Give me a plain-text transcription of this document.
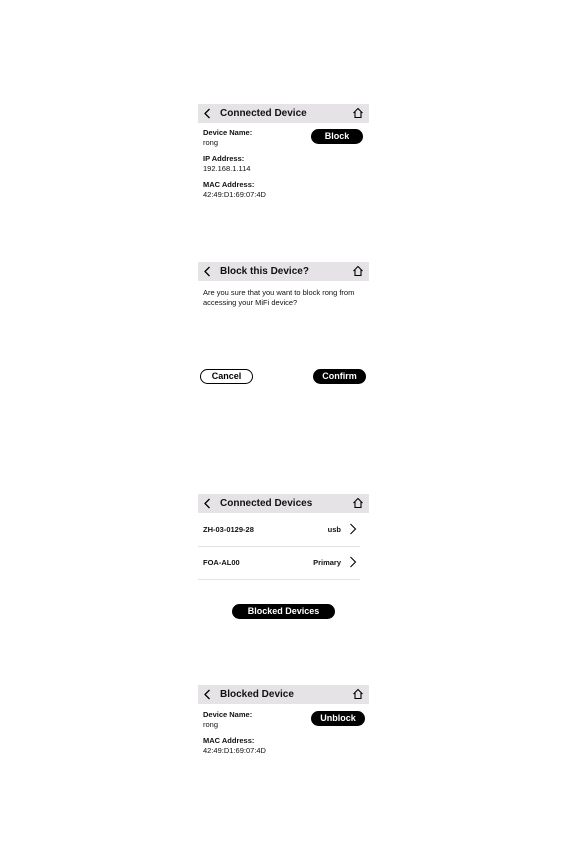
Connected Device
Device Name:
rong
IP Address:
192.168.1.114
MAC Address:
42:49:D1:69:07:4D
Block
Block this Device?
Are you sure that you want to block rong from accessing your MiFi device?
Cancel	Confirm
Connected Devices
ZH-03-0129-28	usb
FOA-AL00	Primary
Blocked Devices
Blocked Device
Device Name:
rong
MAC Address:
42:49:D1:69:07:4D
Unblock
